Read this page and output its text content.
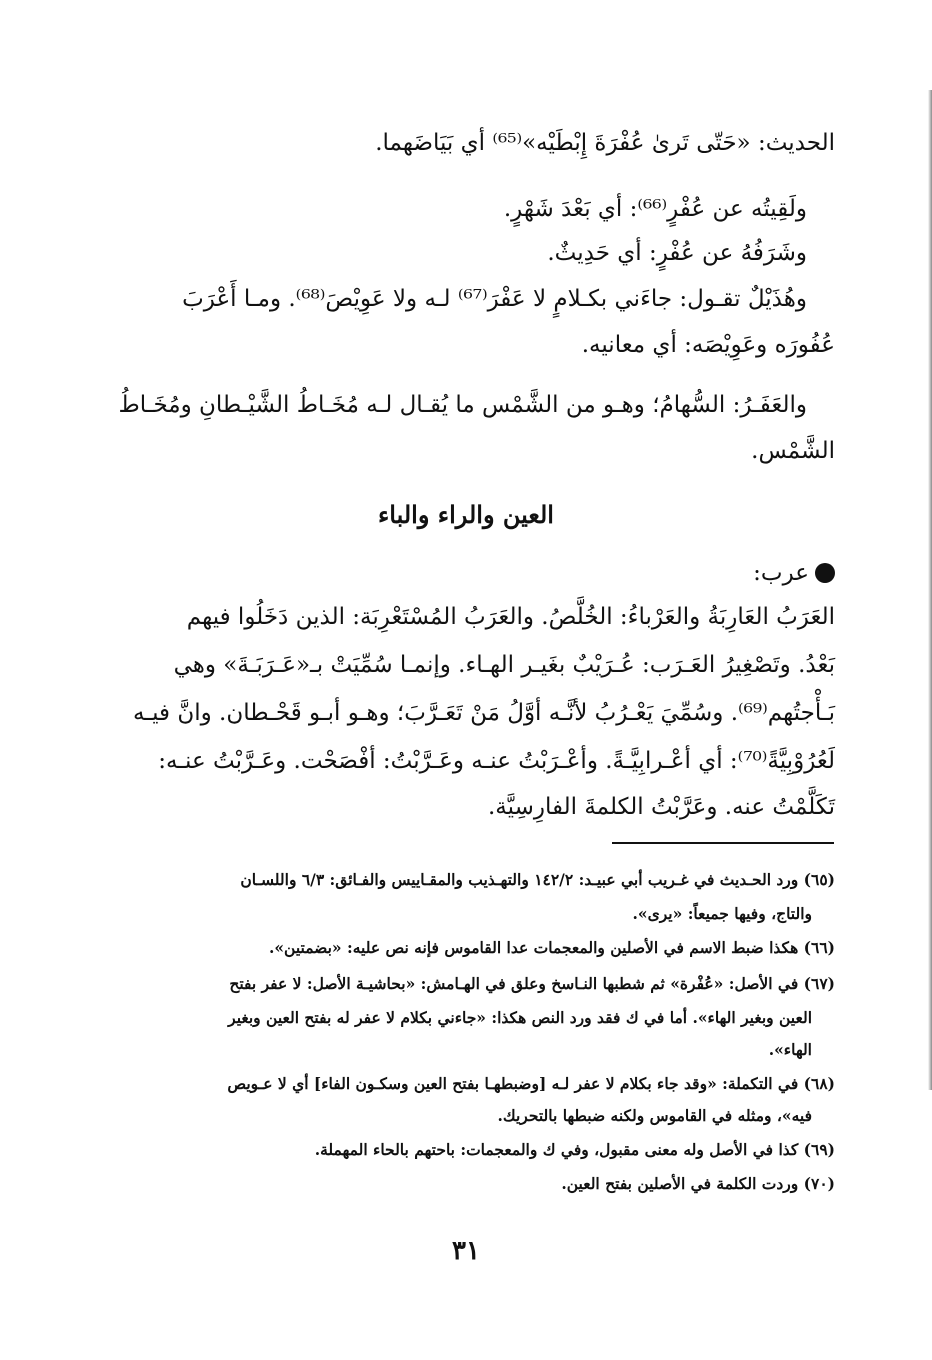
الحديث: «حَتّى تَرىٰ عُفْرَةَ إِبْطَيْه»⁽⁶⁵⁾ أي بَيَاضَهما.
ولَقِيتُه عن عُفْرٍ⁽⁶⁶⁾: أي بَعْدَ شَهْرٍ.
وشَرَفُهُ عن عُفْرٍ: أي حَدِيثٌ.
وهُذَيْلٌ تقـول: جاءَني بكـلامٍ لا عَفْرَ⁽⁶⁷⁾ لـه ولا عَوِيْصَ⁽⁶⁸⁾. ومـا أَعْرَبَ
عُفُورَه وعَوِيْصَه: أي معانيه.
والعَفَـرُ: السُّهامُ؛ وهـو من الشَّمْس ما يُقـال لـه مُخَـاطُ الشَّيْـطانِ ومُخَـاطُ
الشَّمْس.
العين والراء والباء
عرب:
العَرَبُ العَارِبَةُ والعَرْباءُ: الخُلَّصُ. والعَرَبُ المُسْتَعْرِبَة: الذين دَخَلُوا فيهم
بَعْدُ. وتَصْغِيرُ العَـرَب: عُـرَيْبٌ بغَيـر الهـاء. وإنمـا سُمِّيَتْ بـ«عَـرَبَـةَ» وهي
بَـأْجتُهم⁽⁶⁹⁾. وسُمِّيَ يَعْـرُبُ لأنَّـه أوَّلُ مَنْ تَعَـرَّبَ؛ وهـو أبـو قَحْـطان. وانَّ فيـه
لَعُرُوْبِيَّةً⁽⁷⁰⁾: أي أعْـرابِيَّـةً. وأعْـرَبْتُ عنـه وعَـرَّبْتُ: أفْصَحْت. وعَـرَّبْتُ عنـه:
تَكَلَّمْتُ عنه. وعَرَّبْتُ الكلمةَ الفارِسِيَّة.
(٦٥) ورد الحـديث في غـريب أبي عبيـد: ١٤٢/٢ والتهـذيب والمقـاييس والفـائق: ٦/٣ واللسـان
والتاج، وفيها جميعاً: «يرى».
(٦٦) هكذا ضبط الاسم في الأصلين والمعجمات عدا القاموس فإنه نص عليه: «بضمتين».
(٦٧) في الأصل: «عُفْرة» ثم شطبها النـاسخ وعلق في الهـامش: «بحاشيـة الأصل: لا عفر بفتح
العين وبغير الهاء». أما في ك فقد ورد النص هكذا: «جاءني بكلام لا عفر له بفتح العين وبغير
الهاء».
(٦٨) في التكملة: «وقد جاء بكلام لا عفر لـه [وضبطهـا بفتح العين وسكـون الفاء] أي لا عـويص
فيه»، ومثله في القاموس ولكنه ضبطها بالتحريك.
(٦٩) كذا في الأصل وله معنى مقبول، وفي ك والمعجمات: باحتهم بالحاء المهملة.
(٧٠) وردت الكلمة في الأصلين بفتح العين.
٣١
